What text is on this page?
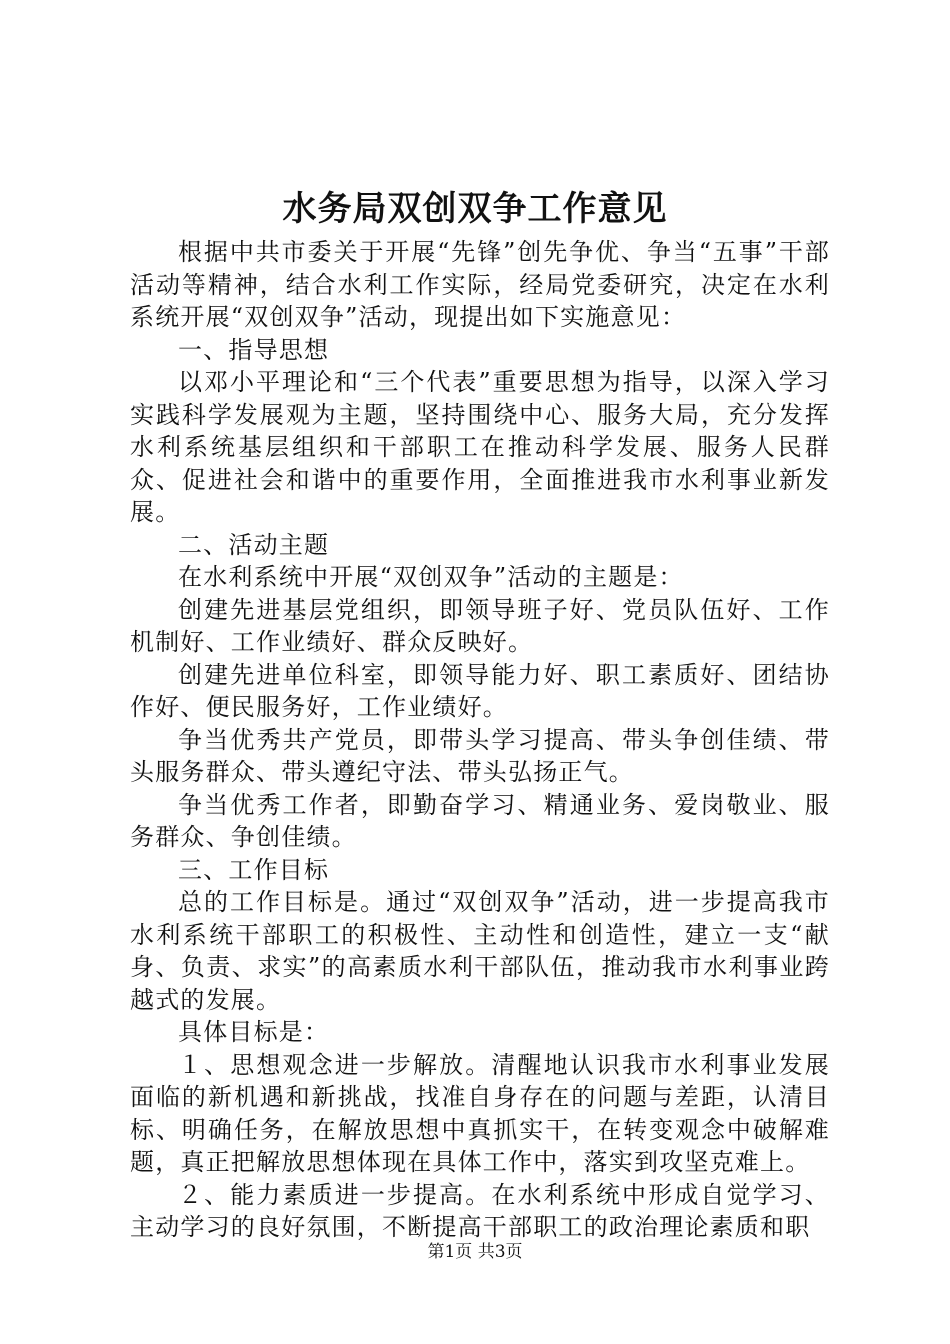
水务局双创双争工作意见

根据中共市委关于开展“先锋”创先争优、争当“五事”干部活动等精神，结合水利工作实际，经局党委研究，决定在水利系统开展“双创双争”活动，现提出如下实施意见：

一、指导思想

以邓小平理论和“三个代表”重要思想为指导，以深入学习实践科学发展观为主题，坚持围绕中心、服务大局，充分发挥水利系统基层组织和干部职工在推动科学发展、服务人民群众、促进社会和谐中的重要作用，全面推进我市水利事业新发展。

二、活动主题

在水利系统中开展“双创双争”活动的主题是：

创建先进基层党组织，即领导班子好、党员队伍好、工作机制好、工作业绩好、群众反映好。

创建先进单位科室，即领导能力好、职工素质好、团结协作好、便民服务好，工作业绩好。

争当优秀共产党员，即带头学习提高、带头争创佳绩、带头服务群众、带头遵纪守法、带头弘扬正气。

争当优秀工作者，即勤奋学习、精通业务、爱岗敬业、服务群众、争创佳绩。

三、工作目标

总的工作目标是。通过“双创双争”活动，进一步提高我市水利系统干部职工的积极性、主动性和创造性，建立一支“献身、负责、求实”的高素质水利干部队伍，推动我市水利事业跨越式的发展。

具体目标是：

１、思想观念进一步解放。清醒地认识我市水利事业发展面临的新机遇和新挑战，找准自身存在的问题与差距，认清目标、明确任务，在解放思想中真抓实干，在转变观念中破解难题，真正把解放思想体现在具体工作中，落实到攻坚克难上。

２、能力素质进一步提高。在水利系统中形成自觉学习、主动学习的良好氛围，不断提高干部职工的政治理论素质和职

第1页 共3页
